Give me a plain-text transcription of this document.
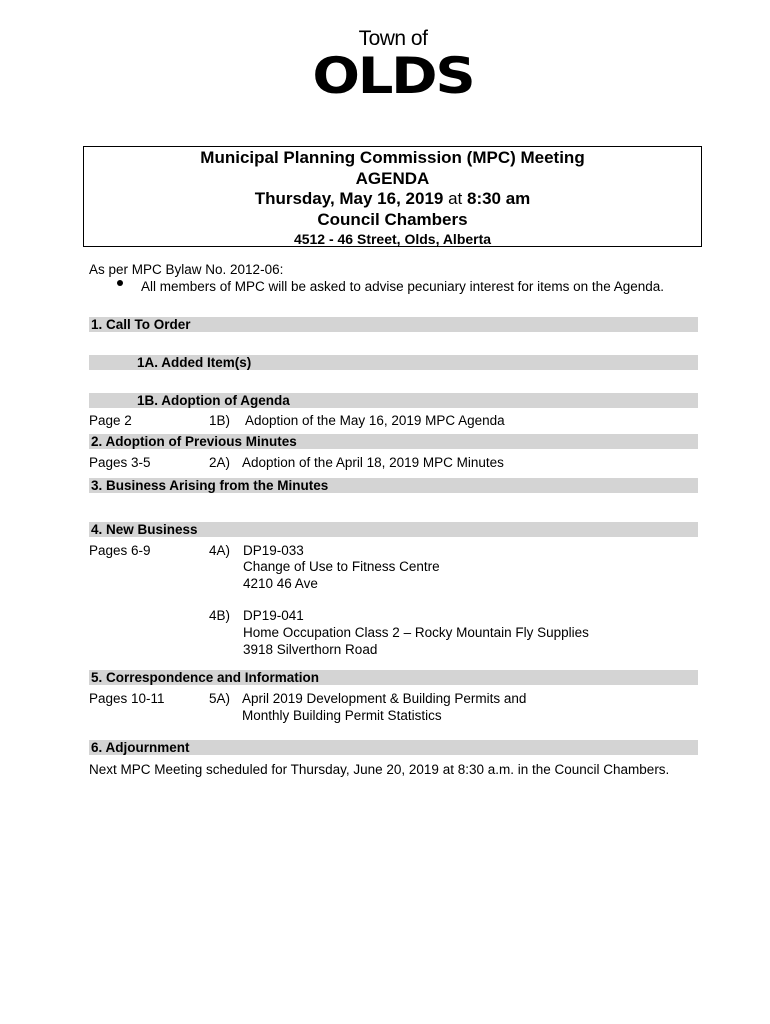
Town of
OLDS
Municipal Planning Commission (MPC) Meeting
AGENDA
Thursday, May 16, 2019 at 8:30 am
Council Chambers
4512 - 46 Street, Olds, Alberta
As per MPC Bylaw No. 2012-06:
All members of MPC will be asked to advise pecuniary interest for items on the Agenda.
1. Call To Order
1A. Added Item(s)
1B. Adoption of Agenda
Page 2	1B) Adoption of the May 16, 2019 MPC Agenda
2. Adoption of Previous Minutes
Pages 3-5	2A) Adoption of the April 18, 2019 MPC Minutes
3. Business Arising from the Minutes
4. New Business
Pages 6-9	4A) DP19-033
Change of Use to Fitness Centre
4210 46 Ave
4B) DP19-041
Home Occupation Class 2 – Rocky Mountain Fly Supplies
3918 Silverthorn Road
5. Correspondence and Information
Pages 10-11	5A) April 2019 Development & Building Permits and
Monthly Building Permit Statistics
6. Adjournment
Next MPC Meeting scheduled for Thursday, June 20, 2019 at 8:30 a.m. in the Council Chambers.
